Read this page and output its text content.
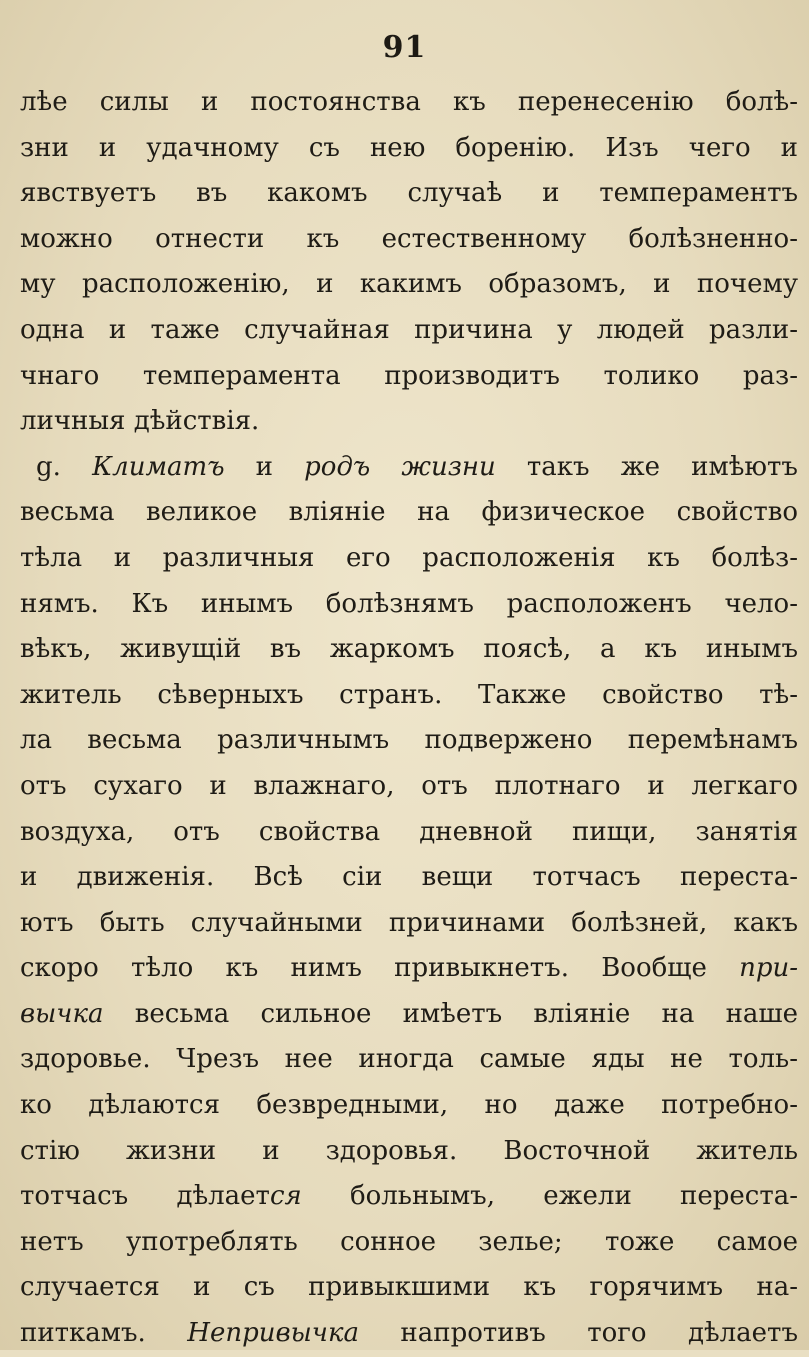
91
лѣе силы и постоянства къ перенесенію болѣ-
зни и удачному съ нею боренію. Изъ чего и
явствуетъ въ какомъ случаѣ и темпераментъ
можно отнести къ естественному болѣзненно-
му расположенію, и какимъ образомъ, и почему
одна и таже случайная причина у людей разли-
чнаго темперамента производитъ толико раз-
личныя дѣйствія.
g. Климатъ и родъ жизни такъ же имѣютъ
весьма великое вліяніе на физическое свойство
тѣла и различныя его расположенія къ болѣз-
нямъ. Къ инымъ болѣзнямъ расположенъ чело-
вѣкъ, живущій въ жаркомъ поясѣ, а къ инымъ
житель сѣверныхъ странъ. Также свойство тѣ-
ла весьма различнымъ подвержено перемѣнамъ
отъ сухаго и влажнаго, отъ плотнаго и легкаго
воздуха, отъ свойства дневной пищи, занятія
и движенія. Всѣ сіи вещи тотчасъ переста-
ютъ быть случайными причинами болѣзней, какъ
скоро тѣло къ нимъ привыкнетъ. Вообще при-
вычка весьма сильное имѣетъ вліяніе на наше
здоровье. Чрезъ нее иногда самые яды не толь-
ко дѣлаются безвредными, но даже потребно-
стію жизни и здоровья. Восточной житель
тотчасъ дѣлается больнымъ, ежели переста-
нетъ употреблять сонное зелье; тоже самое
случается и съ привыкшими къ горячимъ на-
питкамъ. Непривычка напротивъ того дѣлаетъ
